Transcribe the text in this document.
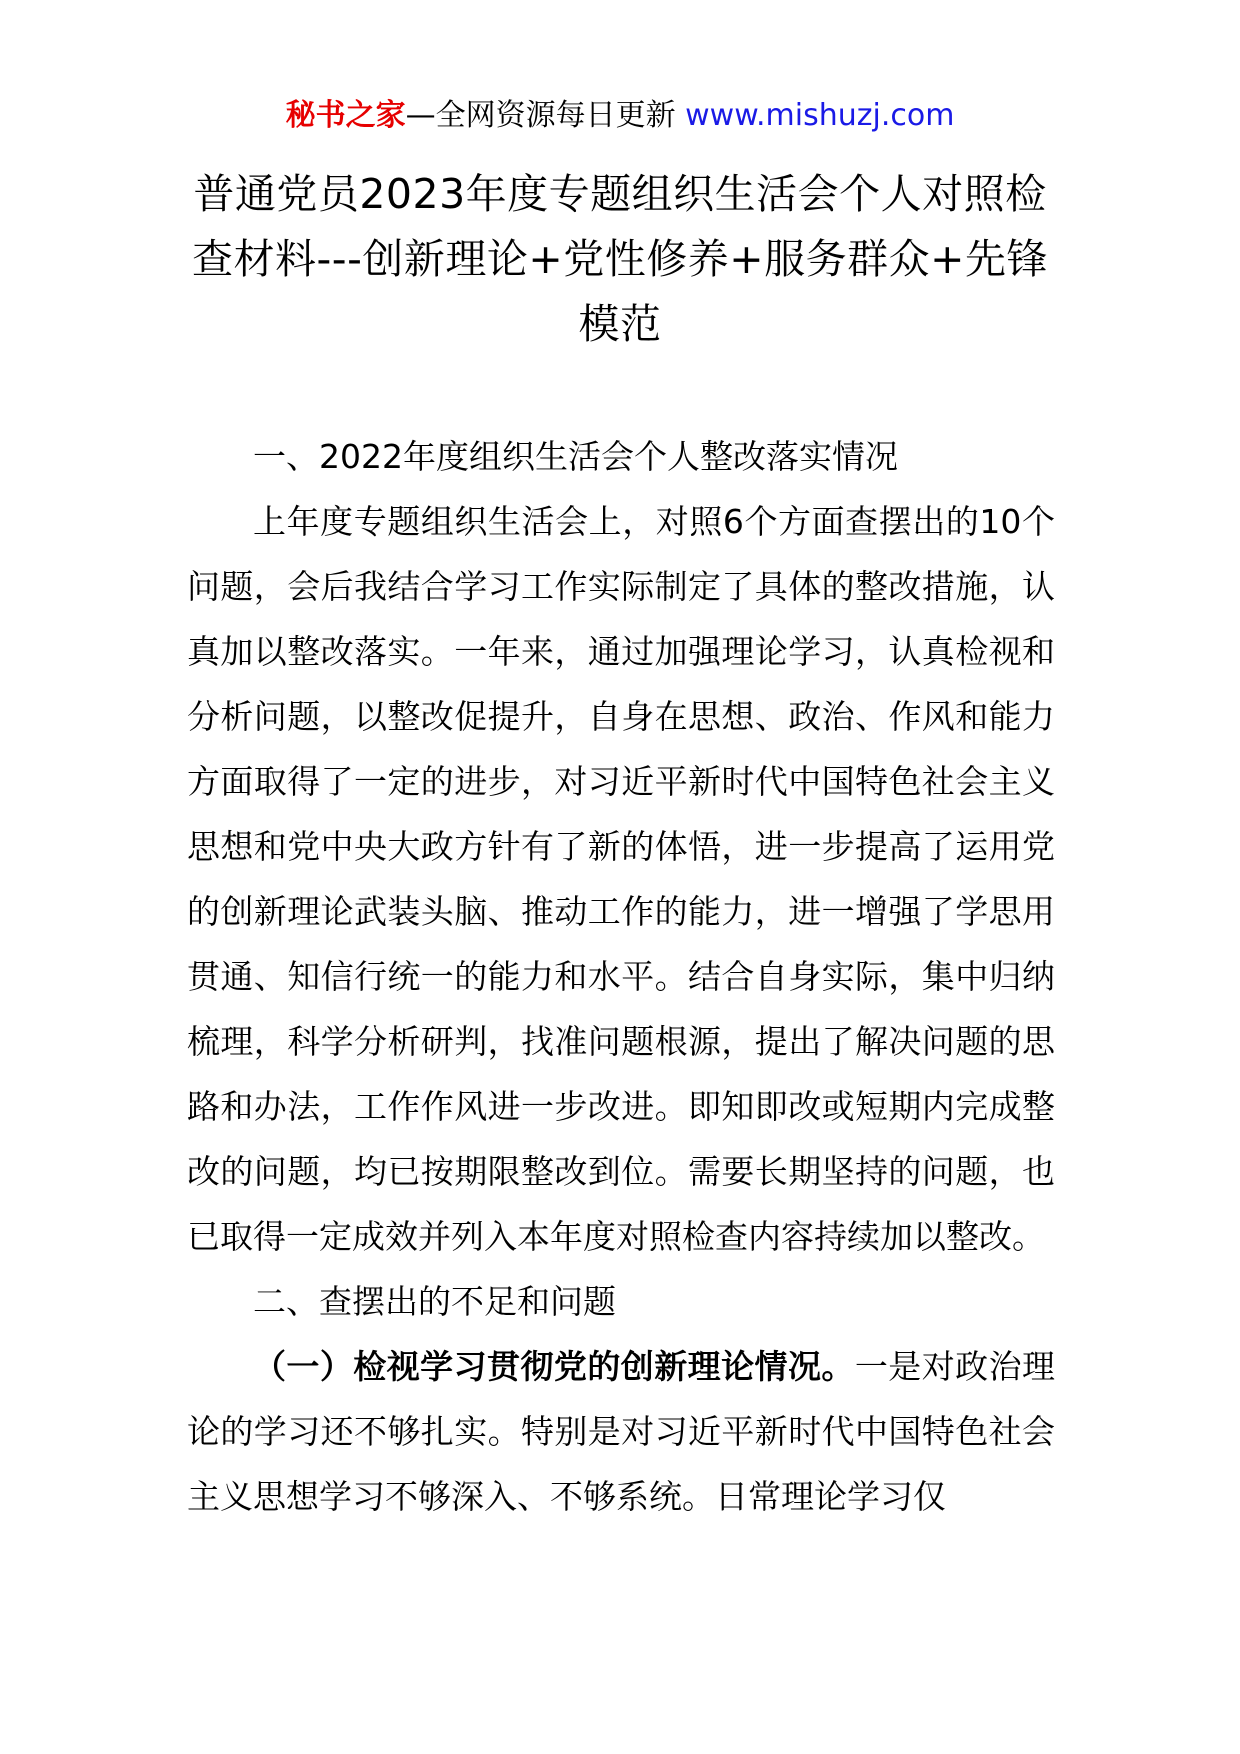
秘书之家—全网资源每日更新 www.mishuzj.com
普通党员2023年度专题组织生活会个人对照检查材料---创新理论+党性修养+服务群众+先锋模范

一、2022年度组织生活会个人整改落实情况

上年度专题组织生活会上，对照6个方面查摆出的10个问题，会后我结合学习工作实际制定了具体的整改措施，认真加以整改落实。一年来，通过加强理论学习，认真检视和分析问题，以整改促提升，自身在思想、政治、作风和能力方面取得了一定的进步，对习近平新时代中国特色社会主义思想和党中央大政方针有了新的体悟，进一步提高了运用党的创新理论武装头脑、推动工作的能力，进一增强了学思用贯通、知信行统一的能力和水平。结合自身实际，集中归纳梳理，科学分析研判，找准问题根源，提出了解决问题的思路和办法，工作作风进一步改进。即知即改或短期内完成整改的问题，均已按期限整改到位。需要长期坚持的问题，也已取得一定成效并列入本年度对照检查内容持续加以整改。

二、查摆出的不足和问题

（一）检视学习贯彻党的创新理论情况。一是对政治理论的学习还不够扎实。特别是对习近平新时代中国特色社会主义思想学习不够深入、不够系统。日常理论学习仅
